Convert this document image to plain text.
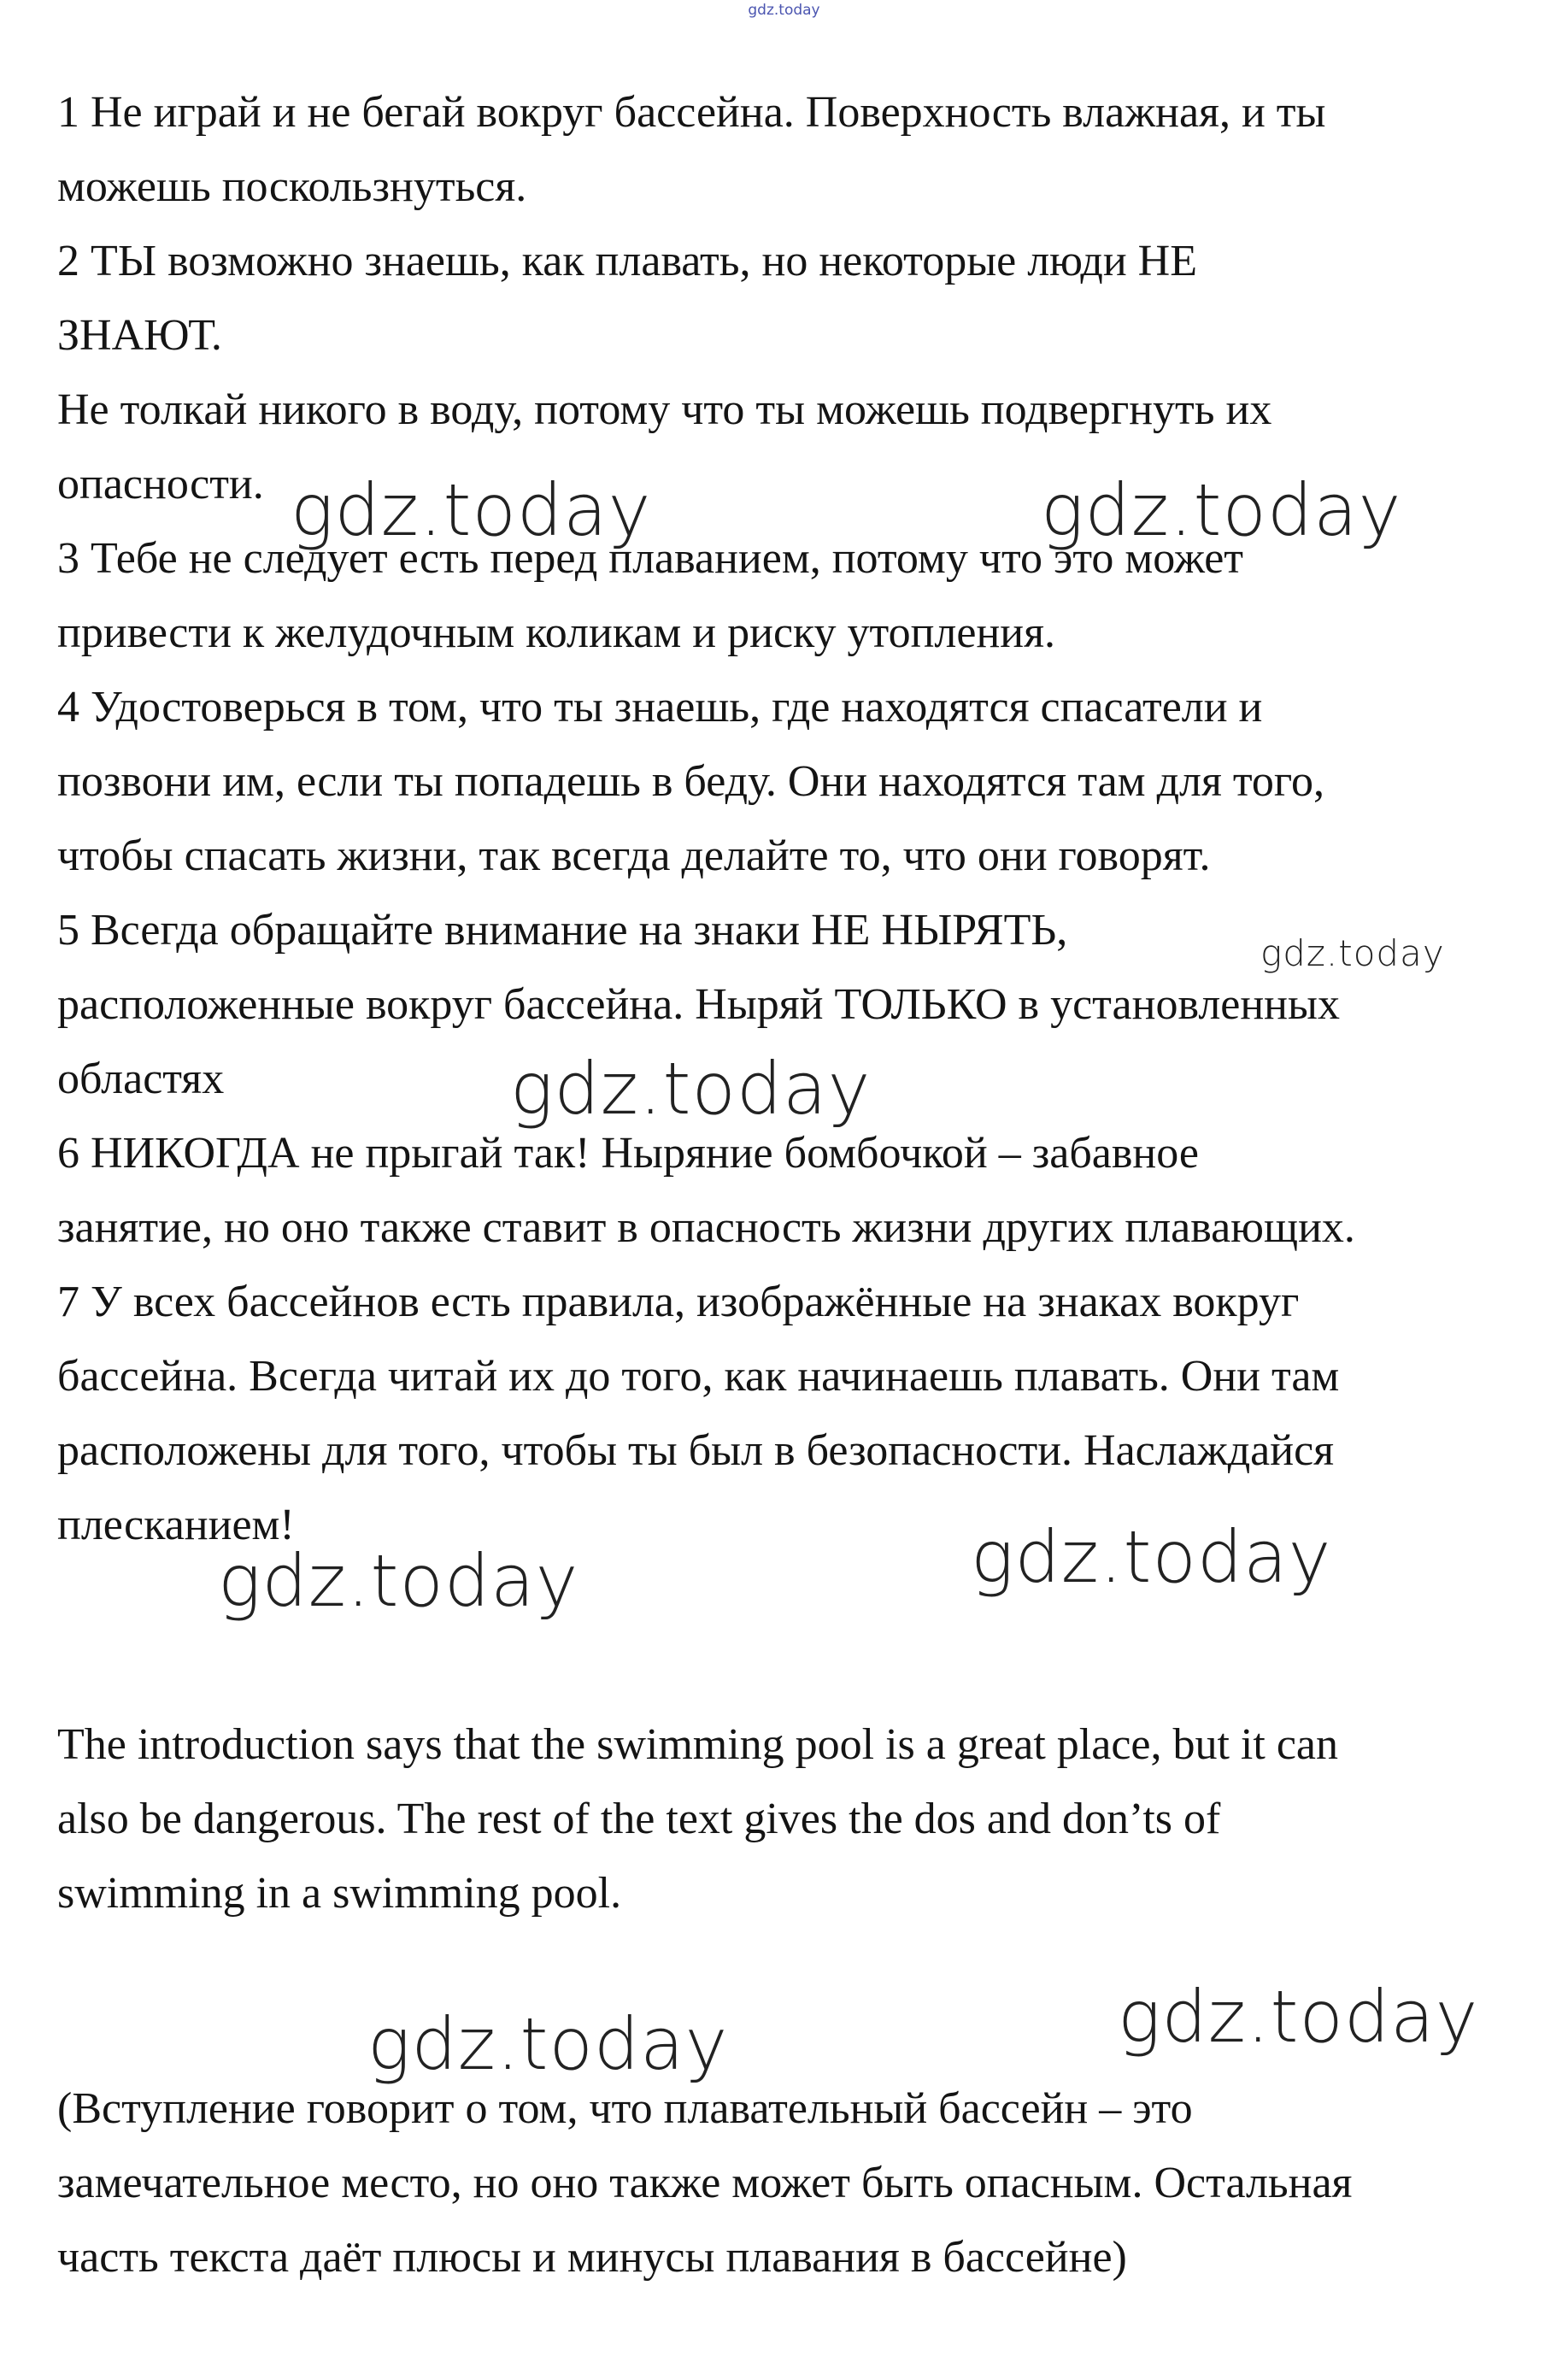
gdz.today
1 Не играй и не бегай вокруг бассейна. Поверхность влажная, и ты
можешь поскользнуться.
2 ТЫ возможно знаешь, как плавать, но некоторые люди НЕ
ЗНАЮТ.
Не толкай никого в воду, потому что ты можешь подвергнуть их
опасности.
3 Тебе не следует есть перед плаванием, потому что это может
привести к желудочным коликам и риску утопления.
4 Удостоверься в том, что ты знаешь, где находятся спасатели и
позвони им, если ты попадешь в беду. Они находятся там для того,
чтобы спасать жизни, так всегда делайте то, что они говорят.
5 Всегда обращайте внимание на знаки НЕ НЫРЯТЬ,
расположенные вокруг бассейна. Ныряй ТОЛЬКО в установленных
областях
6 НИКОГДА не прыгай так! Ныряние бомбочкой – забавное
занятие, но оно также ставит в опасность жизни других плавающих.
7 У всех бассейнов есть правила, изображённые на знаках вокруг
бассейна. Всегда читай их до того, как начинаешь плавать. Они там
расположены для того, чтобы ты был в безопасности. Наслаждайся
плесканием!
The introduction says that the swimming pool is a great place, but it can
also be dangerous. The rest of the text gives the dos and don’ts of
swimming in a swimming pool.
(Вступление говорит о том, что плавательный бассейн – это
замечательное место, но оно также может быть опасным. Остальная
часть текста даёт плюсы и минусы плавания в бассейне)
gdz.today	gdz.today
gdz.today
gdz.today
gdz.today	gdz.today
gdz.today	gdz.today
